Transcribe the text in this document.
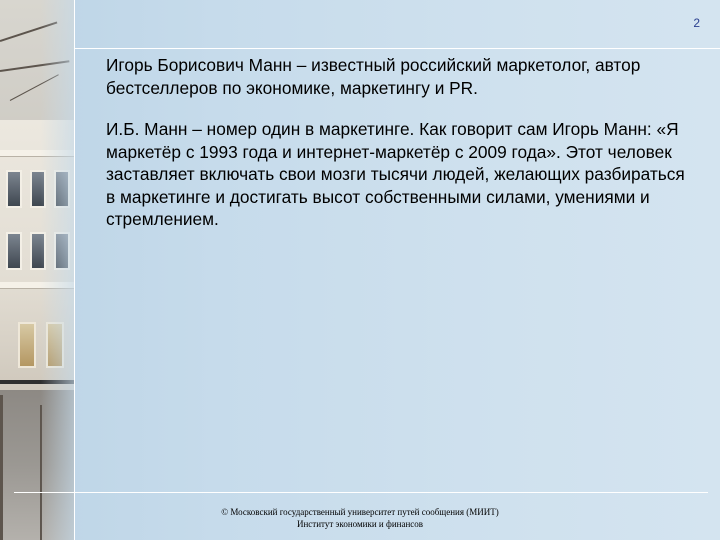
2

Игорь Борисович Манн – известный российский маркетолог, автор бестселлеров по экономике, маркетингу и PR.

И.Б. Манн – номер один в маркетинге. Как говорит сам Игорь Манн: «Я маркетёр с 1993 года и интернет-маркетёр с 2009 года». Этот человек заставляет включать свои мозги тысячи людей, желающих разбираться в маркетинге и достигать высот собственными силами, умениями и стремлением.

© Московский государственный университет путей сообщения (МИИТ)
Институт экономики и финансов
